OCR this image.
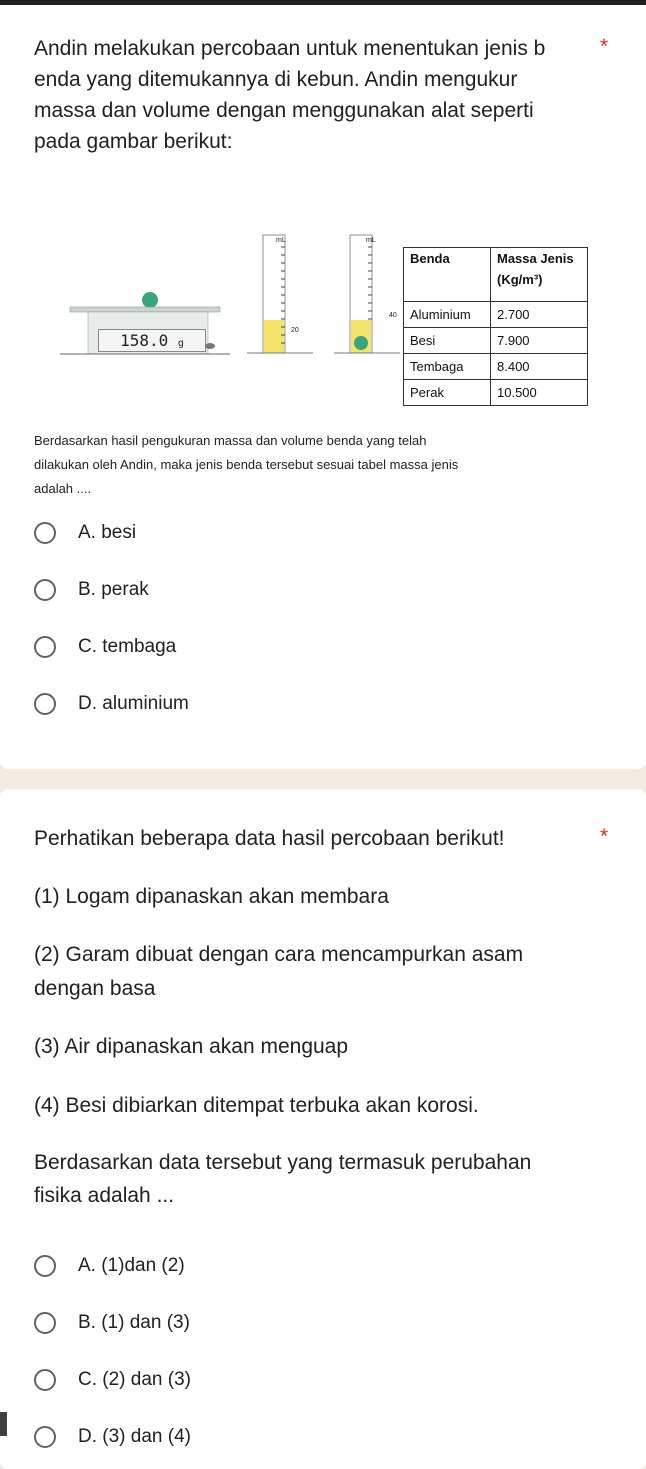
Andin melakukan percobaan untuk menentukan jenis b
enda yang ditemukannya di kebun. Andin mengukur
massa dan volume dengan menggunakan alat seperti
pada gambar berikut:
*
158.0 g
mL
20
mL
40
Benda	Massa Jenis
(Kg/m³)

Aluminium	2.700
Besi	7.900
Tembaga	8.400
Perak	10.500
Berdasarkan hasil pengukuran massa dan volume benda yang telah
dilakukan oleh Andin, maka jenis benda tersebut sesuai tabel massa jenis
adalah ....
A. besi
B. perak
C. tembaga
D. aluminium
Perhatikan beberapa data hasil percobaan berikut!	*
(1) Logam dipanaskan akan membara
(2) Garam dibuat dengan cara mencampurkan asam
dengan basa
(3) Air dipanaskan akan menguap
(4) Besi dibiarkan ditempat terbuka akan korosi.
Berdasarkan data tersebut yang termasuk perubahan
fisika adalah ...
A. (1)dan (2)
B. (1) dan (3)
C. (2) dan (3)
D. (3) dan (4)
